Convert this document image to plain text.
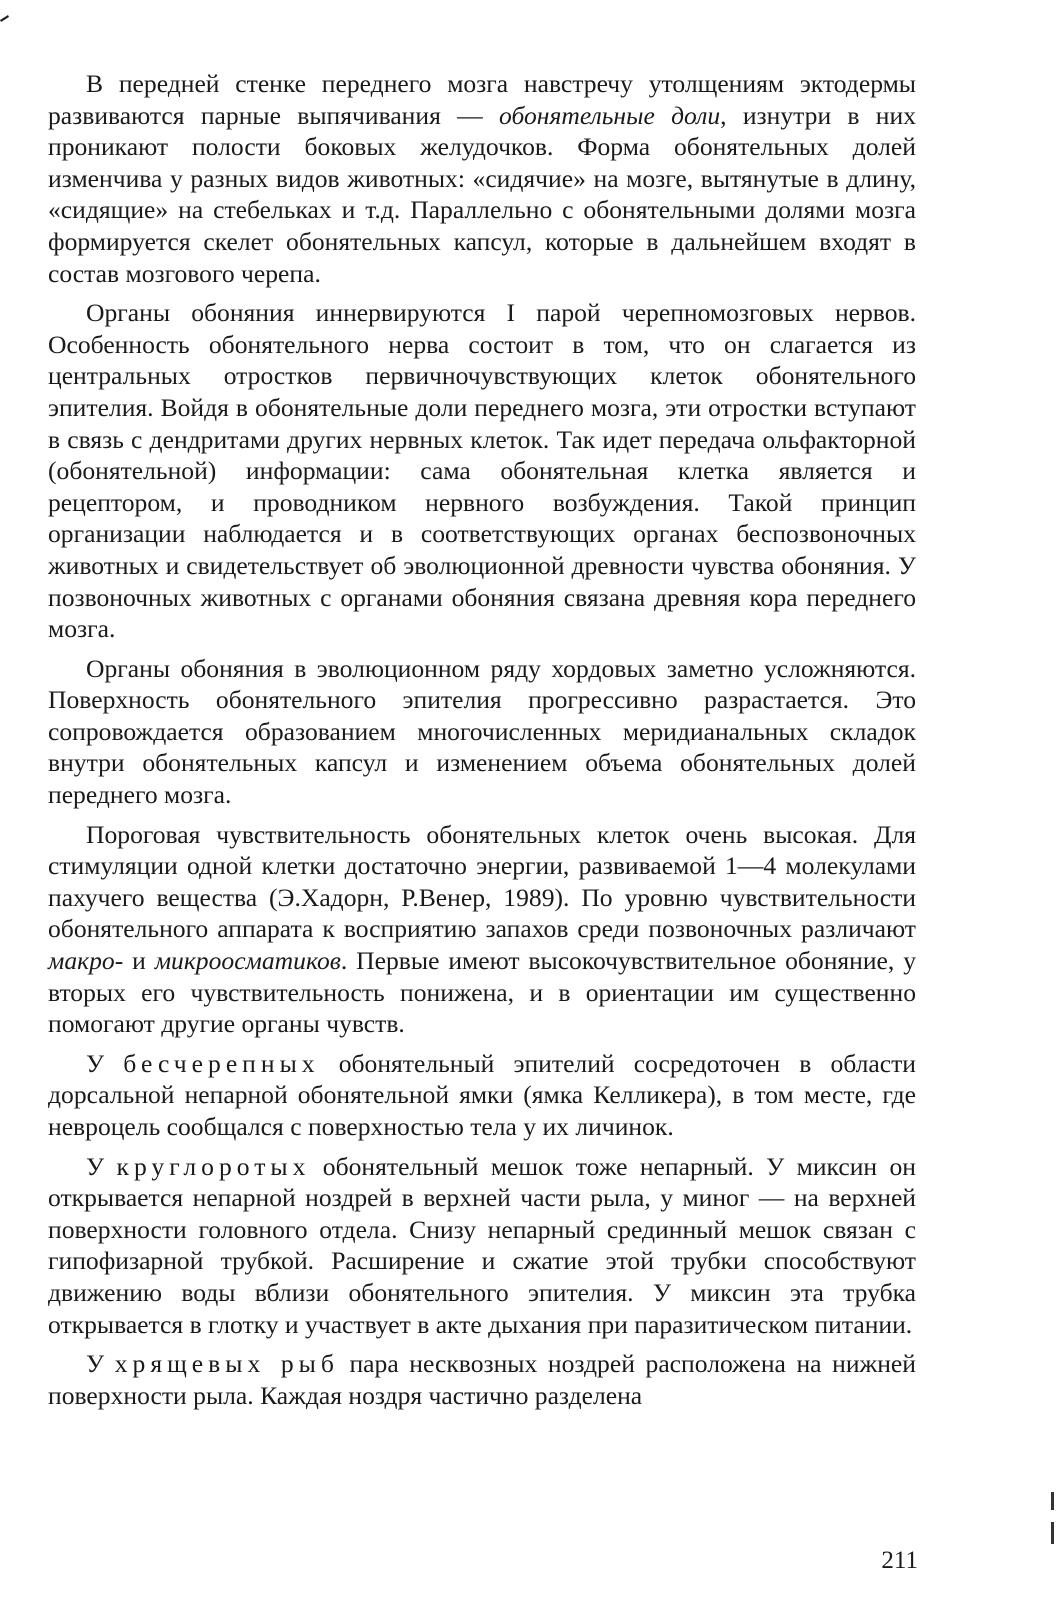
В передней стенке переднего мозга навстречу утолщениям эктодермы развиваются парные выпячивания — обонятельные доли, изнутри в них проникают полости боковых желудочков. Форма обонятельных долей изменчива у разных видов животных: «сидячие» на мозге, вытянутые в длину, «сидящие» на стебельках и т.д. Параллельно с обонятельными долями мозга формируется скелет обонятельных капсул, которые в дальнейшем входят в состав мозгового черепа.

Органы обоняния иннервируются I парой черепномозговых нервов. Особенность обонятельного нерва состоит в том, что он слагается из центральных отростков первичночувствующих клеток обонятельного эпителия. Войдя в обонятельные доли переднего мозга, эти отростки вступают в связь с дендритами других нервных клеток. Так идет передача ольфакторной (обонятельной) информации: сама обонятельная клетка является и рецептором, и проводником нервного возбуждения. Такой принцип организации наблюдается и в соответствующих органах беспозвоночных животных и свидетельствует об эволюционной древности чувства обоняния. У позвоночных животных с органами обоняния связана древняя кора переднего мозга.

Органы обоняния в эволюционном ряду хордовых заметно усложняются. Поверхность обонятельного эпителия прогрессивно разрастается. Это сопровождается образованием многочисленных меридианальных складок внутри обонятельных капсул и изменением объема обонятельных долей переднего мозга.

Пороговая чувствительность обонятельных клеток очень высокая. Для стимуляции одной клетки достаточно энергии, развиваемой 1—4 молекулами пахучего вещества (Э.Хадорн, Р.Венер, 1989). По уровню чувствительности обонятельного аппарата к восприятию запахов среди позвоночных различают макро- и микроосматиков. Первые имеют высокочувствительное обоняние, у вторых его чувствительность понижена, и в ориентации им существенно помогают другие органы чувств.

У бесчерепных обонятельный эпителий сосредоточен в области дорсальной непарной обонятельной ямки (ямка Келликера), в том месте, где невроцель сообщался с поверхностью тела у их личинок.

У круглоротых обонятельный мешок тоже непарный. У миксин он открывается непарной ноздрей в верхней части рыла, у миног — на верхней поверхности головного отдела. Снизу непарный срединный мешок связан с гипофизарной трубкой. Расширение и сжатие этой трубки способствуют движению воды вблизи обонятельного эпителия. У миксин эта трубка открывается в глотку и участвует в акте дыхания при паразитическом питании.

У хрящевых рыб пара несквозных ноздрей расположена на нижней поверхности рыла. Каждая ноздря частично разделена

211
